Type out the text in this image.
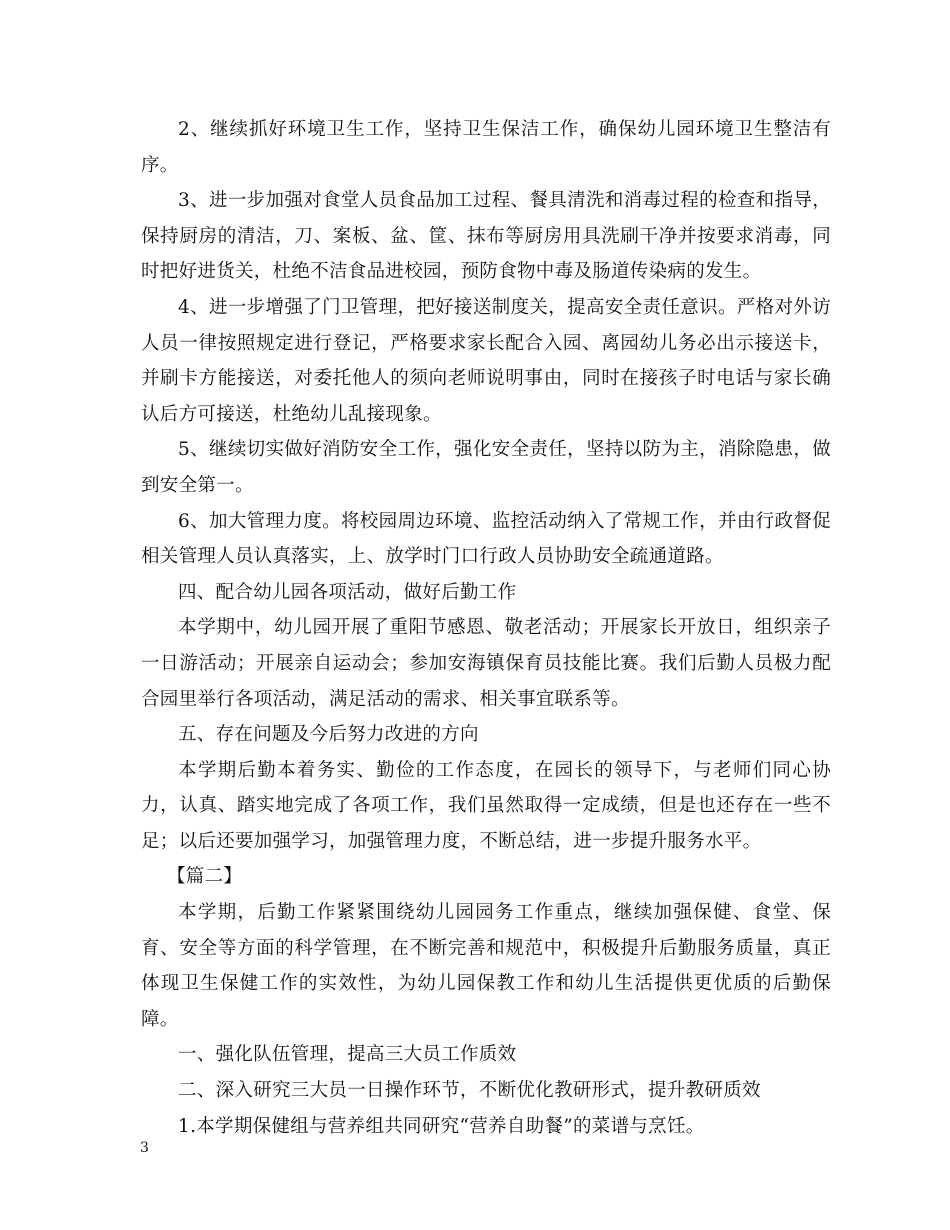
2、继续抓好环境卫生工作，坚持卫生保洁工作，确保幼儿园环境卫生整洁有序。

3、进一步加强对食堂人员食品加工过程、餐具清洗和消毒过程的检查和指导，保持厨房的清洁，刀、案板、盆、筐、抹布等厨房用具洗刷干净并按要求消毒，同时把好进货关，杜绝不洁食品进校园，预防食物中毒及肠道传染病的发生。

4、进一步增强了门卫管理，把好接送制度关，提高安全责任意识。严格对外访人员一律按照规定进行登记，严格要求家长配合入园、离园幼儿务必出示接送卡，并刷卡方能接送，对委托他人的须向老师说明事由，同时在接孩子时电话与家长确认后方可接送，杜绝幼儿乱接现象。

5、继续切实做好消防安全工作，强化安全责任，坚持以防为主，消除隐患，做到安全第一。

6、加大管理力度。将校园周边环境、监控活动纳入了常规工作，并由行政督促相关管理人员认真落实，上、放学时门口行政人员协助安全疏通道路。

四、配合幼儿园各项活动，做好后勤工作

本学期中，幼儿园开展了重阳节感恩、敬老活动；开展家长开放日，组织亲子一日游活动；开展亲自运动会；参加安海镇保育员技能比赛。我们后勤人员极力配合园里举行各项活动，满足活动的需求、相关事宜联系等。

五、存在问题及今后努力改进的方向

本学期后勤本着务实、勤俭的工作态度，在园长的领导下，与老师们同心协力，认真、踏实地完成了各项工作，我们虽然取得一定成绩，但是也还存在一些不足；以后还要加强学习，加强管理力度，不断总结，进一步提升服务水平。

【篇二】

本学期，后勤工作紧紧围绕幼儿园园务工作重点，继续加强保健、食堂、保育、安全等方面的科学管理，在不断完善和规范中，积极提升后勤服务质量，真正体现卫生保健工作的实效性，为幼儿园保教工作和幼儿生活提供更优质的后勤保障。

一、强化队伍管理，提高三大员工作质效

二、深入研究三大员一日操作环节，不断优化教研形式，提升教研质效

1.本学期保健组与营养组共同研究“营养自助餐”的菜谱与烹饪。

3
